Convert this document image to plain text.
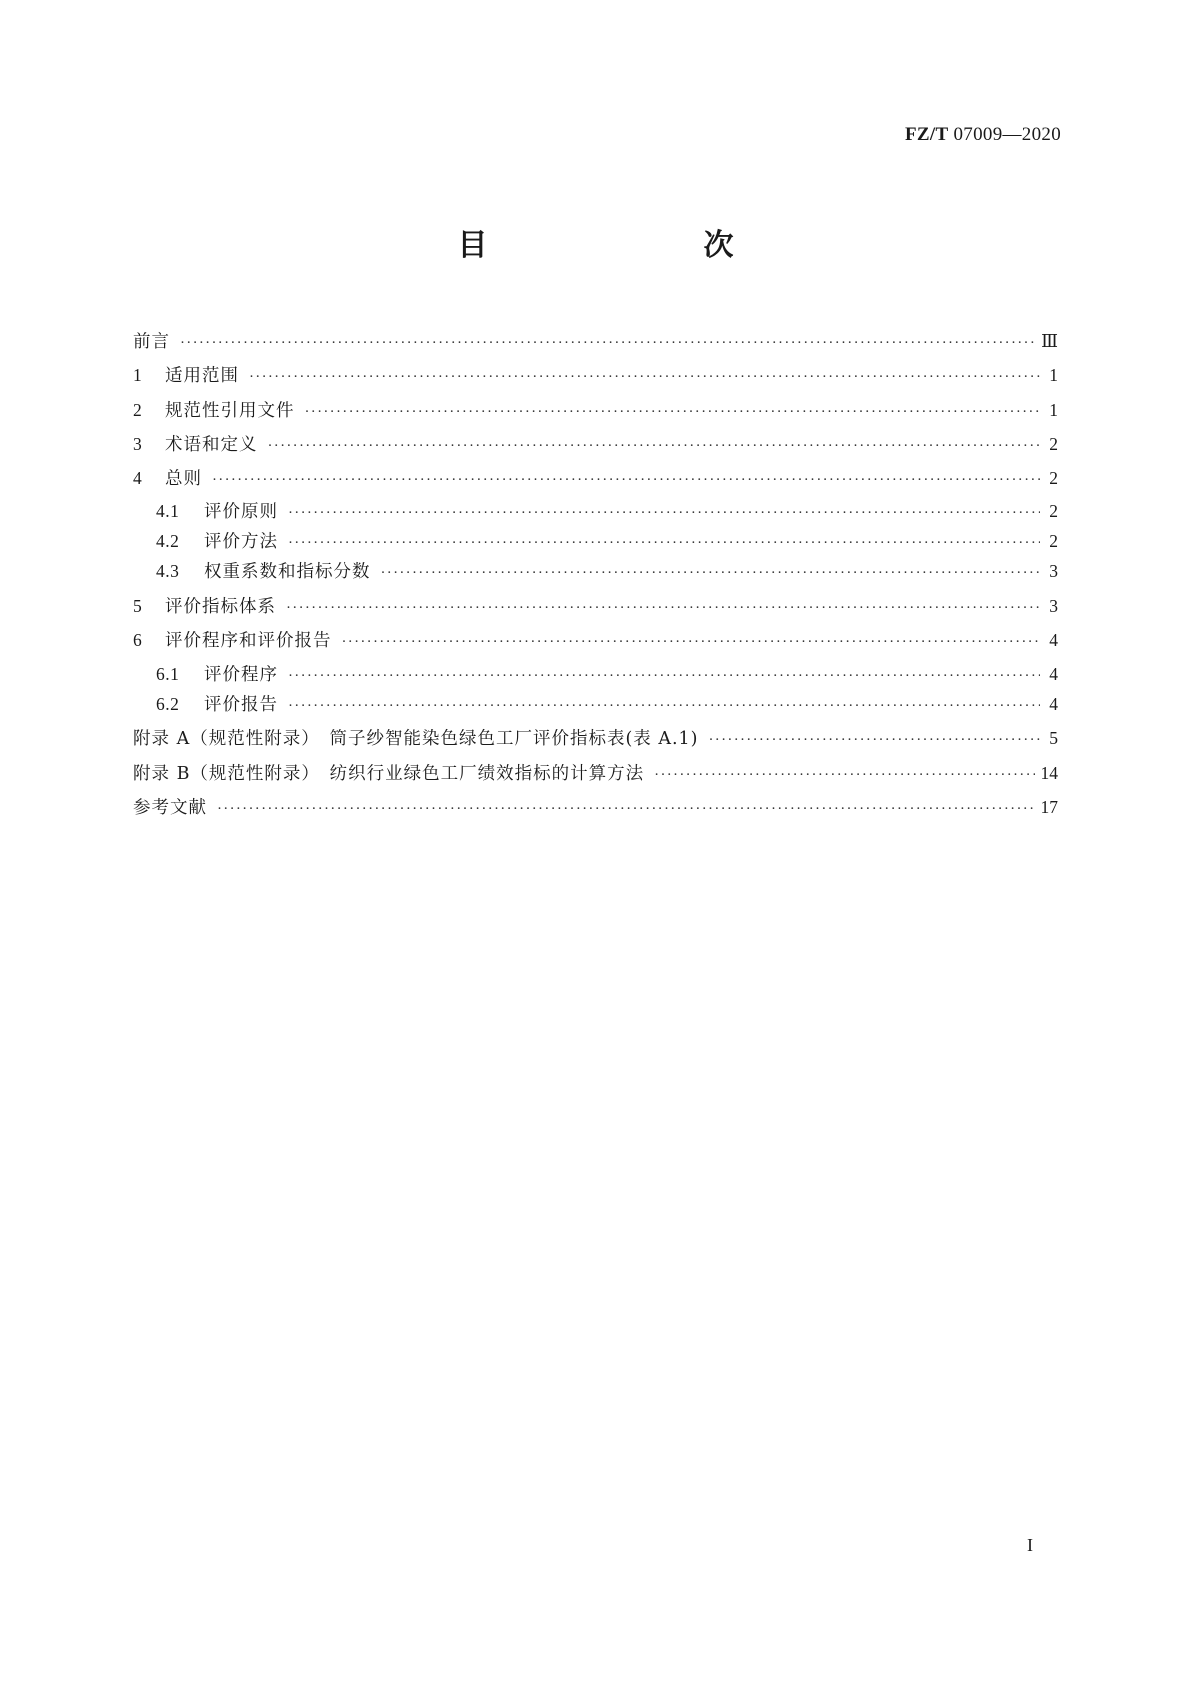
FZ/T 07009—2020
目　　次
前言 ·····	Ⅲ
1 适用范围 ·····	1
2 规范性引用文件 ·····	1
3 术语和定义 ·····	2
4 总则 ·····	2
4.1 评价原则 ·····	2
4.2 评价方法 ·····	2
4.3 权重系数和指标分数 ·····	3
5 评价指标体系 ·····	3
6 评价程序和评价报告 ·····	4
6.1 评价程序 ·····	4
6.2 评价报告 ·····	4
附录 A（规范性附录）　筒子纱智能染色绿色工厂评价指标表(表 A.1) ·····	5
附录 B（规范性附录）　纺织行业绿色工厂绩效指标的计算方法 ·····	14
参考文献 ·····	17
I
